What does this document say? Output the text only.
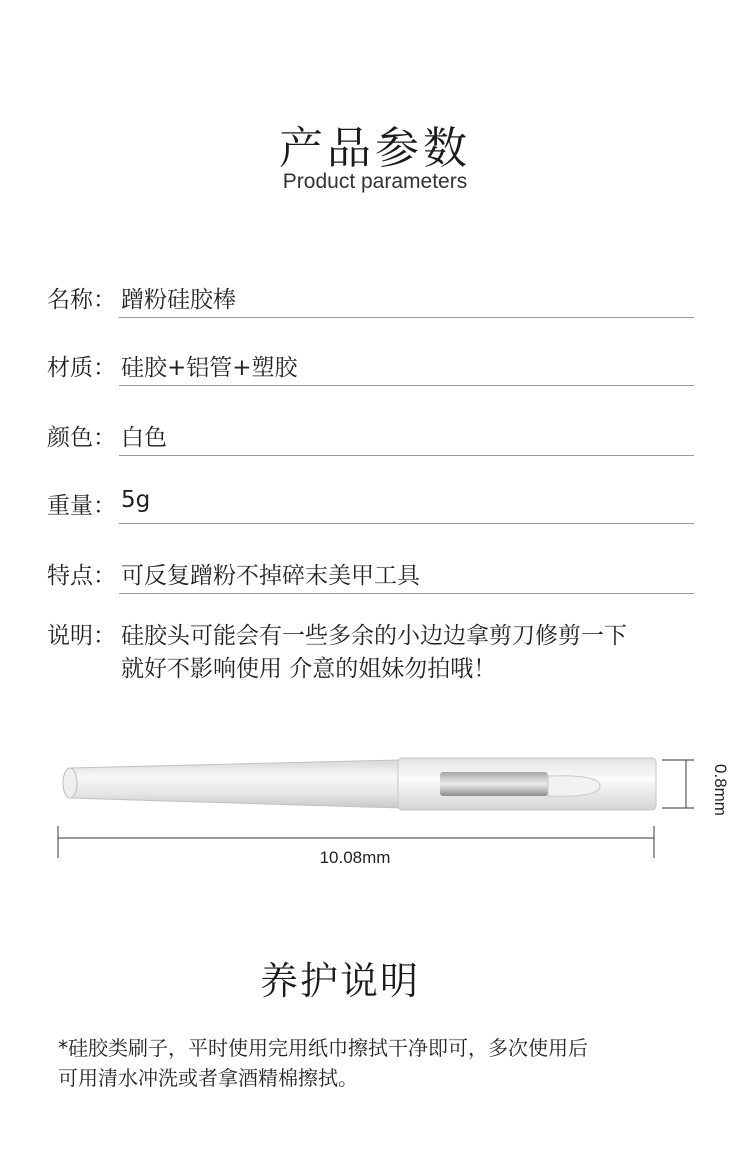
产品参数
Product parameters
名称： 蹭粉硅胶棒
材质： 硅胶+铝管+塑胶
颜色： 白色
重量： 5g
特点： 可反复蹭粉不掉碎末美甲工具
说明： 硅胶头可能会有一些多余的小边边拿剪刀修剪一下
就好不影响使用 介意的姐妹勿拍哦！
10.08mm
0.8mm
养护说明
*硅胶类刷子，平时使用完用纸巾擦拭干净即可，多次使用后
可用清水冲洗或者拿酒精棉擦拭。
